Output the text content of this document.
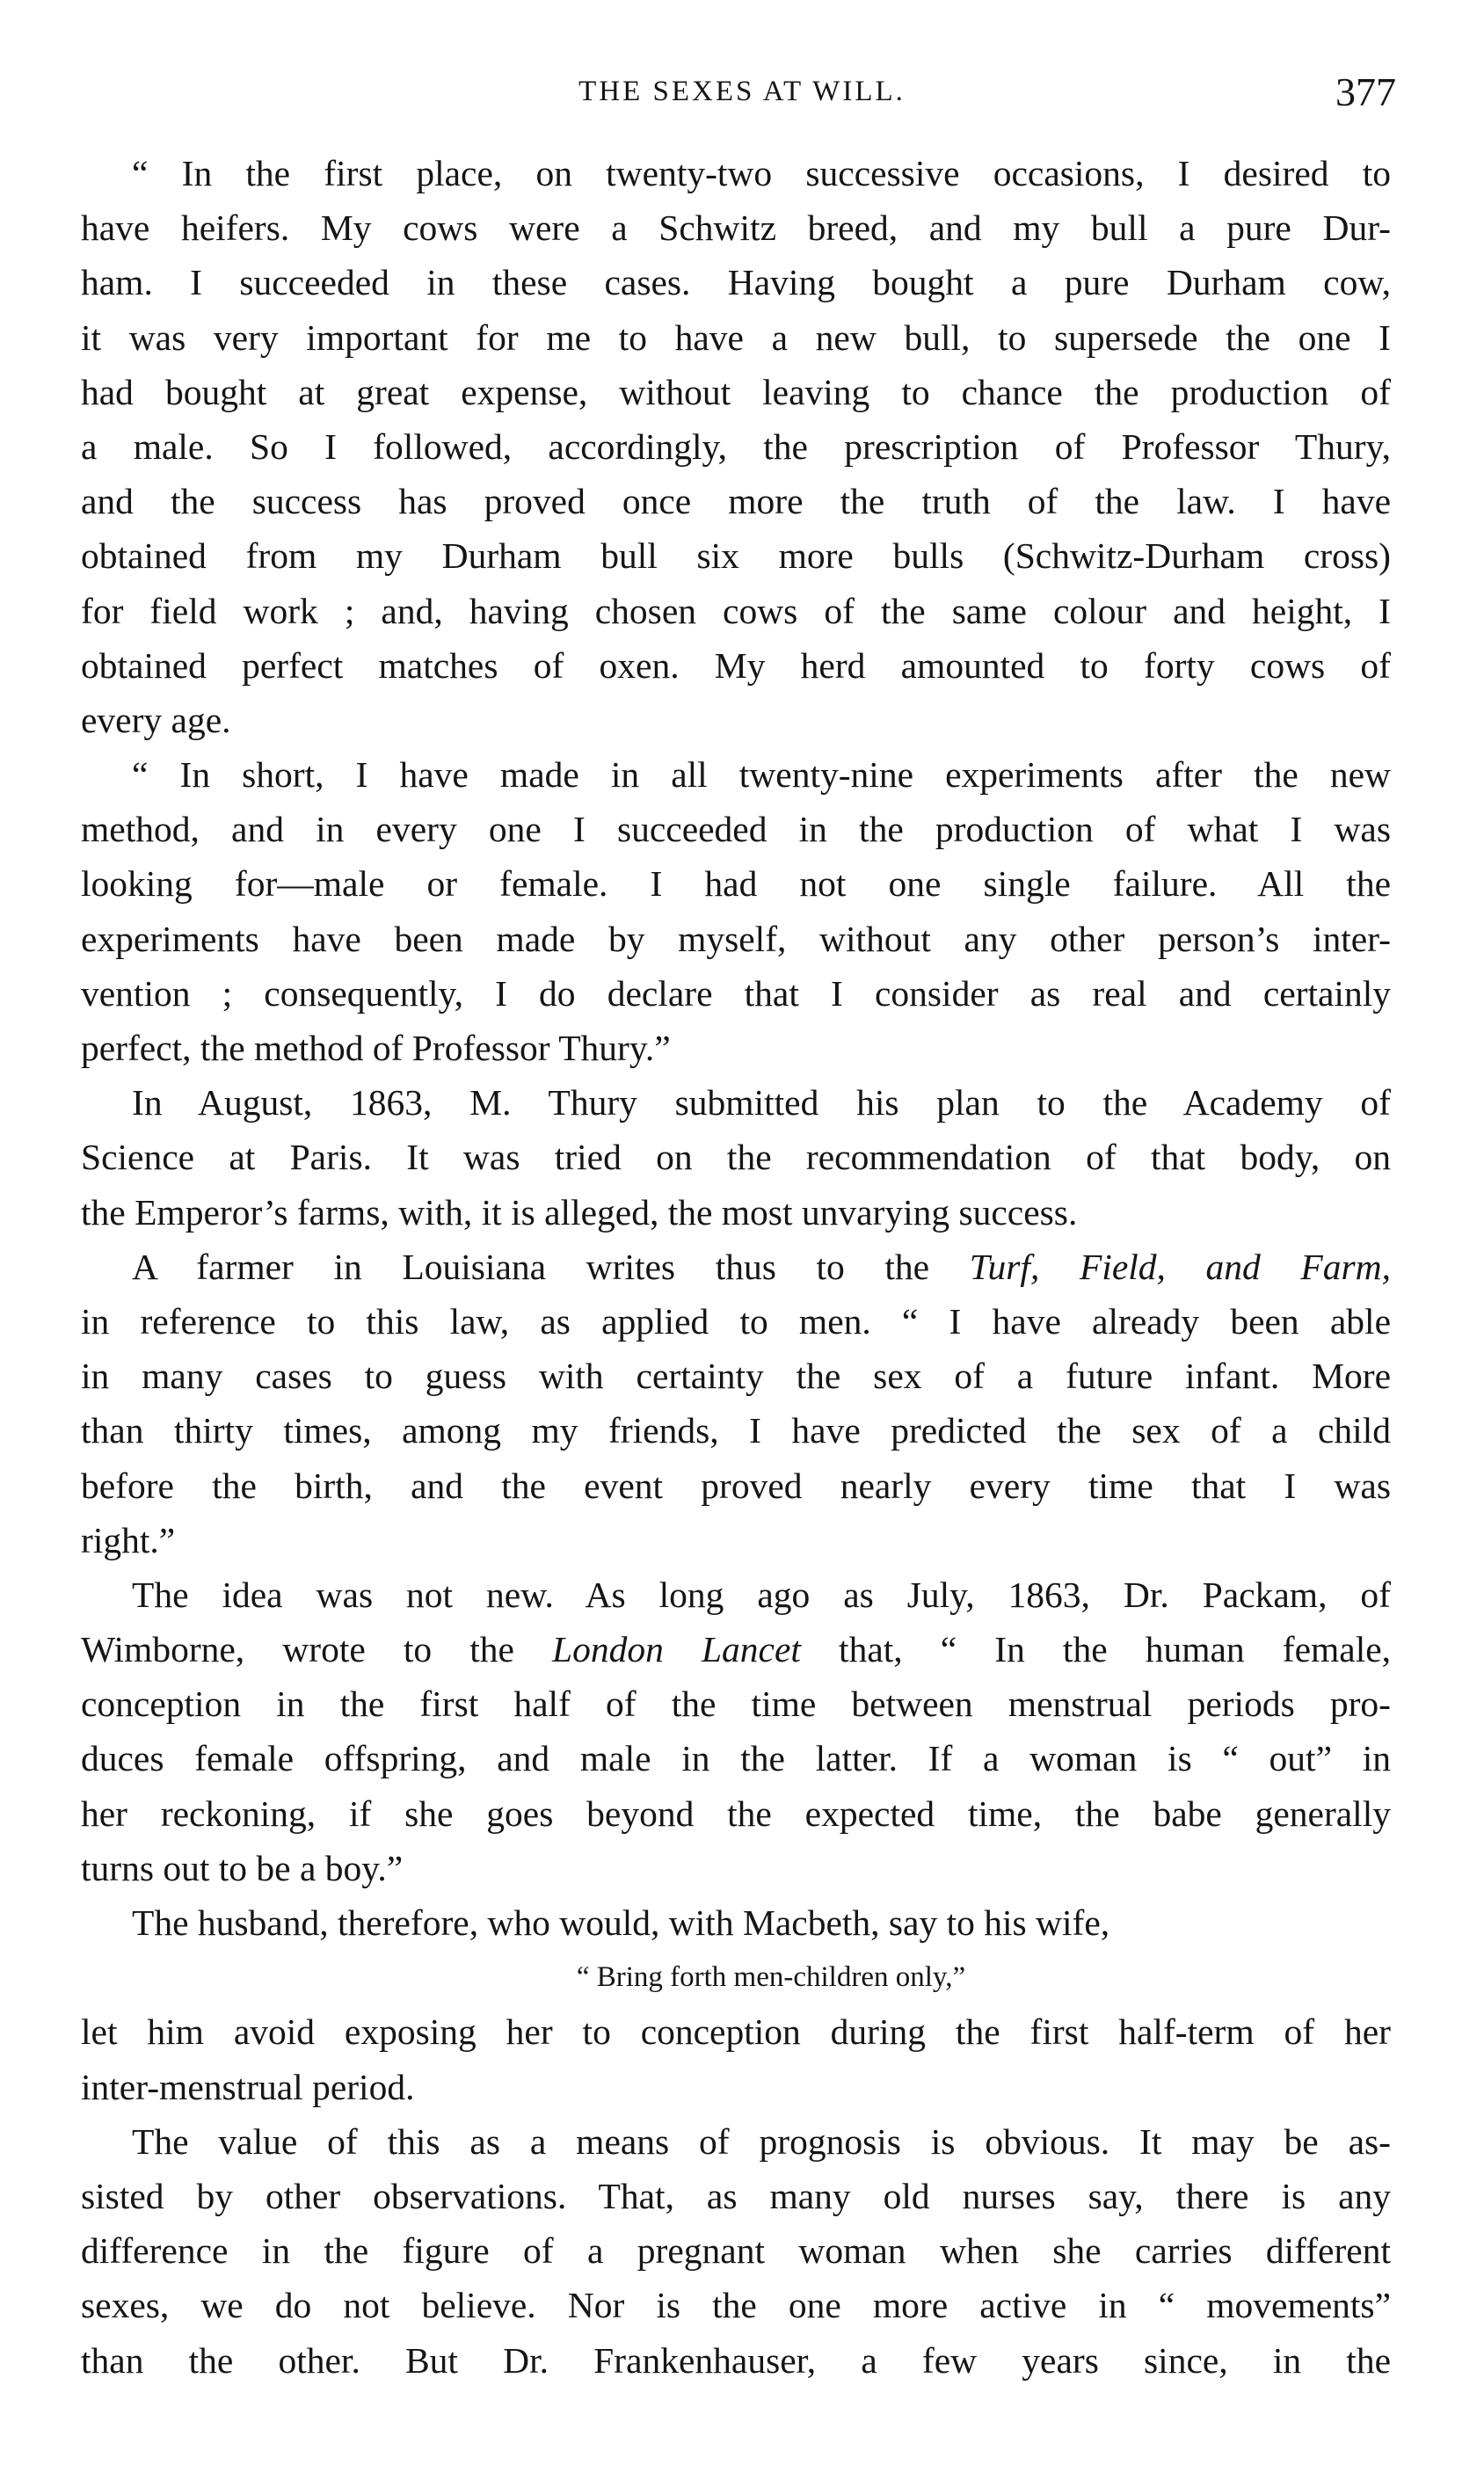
THE SEXES AT WILL.	377
“ In the first place, on twenty-two successive occasions, I desired to
have heifers. My cows were a Schwitz breed, and my bull a pure Dur-
ham. I succeeded in these cases. Having bought a pure Durham cow,
it was very important for me to have a new bull, to supersede the one I
had bought at great expense, without leaving to chance the production of
a male. So I followed, accordingly, the prescription of Professor Thury,
and the success has proved once more the truth of the law. I have
obtained from my Durham bull six more bulls (Schwitz-Durham cross)
for field work ; and, having chosen cows of the same colour and height, I
obtained perfect matches of oxen. My herd amounted to forty cows of
every age.
“ In short, I have made in all twenty-nine experiments after the new
method, and in every one I succeeded in the production of what I was
looking for—male or female. I had not one single failure. All the
experiments have been made by myself, without any other person’s inter-
vention ; consequently, I do declare that I consider as real and certainly
perfect, the method of Professor Thury.”
In August, 1863, M. Thury submitted his plan to the Academy of
Science at Paris. It was tried on the recommendation of that body, on
the Emperor’s farms, with, it is alleged, the most unvarying success.
A farmer in Louisiana writes thus to the Turf, Field, and Farm,
in reference to this law, as applied to men. “ I have already been able
in many cases to guess with certainty the sex of a future infant. More
than thirty times, among my friends, I have predicted the sex of a child
before the birth, and the event proved nearly every time that I was
right.”
The idea was not new. As long ago as July, 1863, Dr. Packam, of
Wimborne, wrote to the London Lancet that, “ In the human female,
conception in the first half of the time between menstrual periods pro-
duces female offspring, and male in the latter. If a woman is “ out” in
her reckoning, if she goes beyond the expected time, the babe generally
turns out to be a boy.”
The husband, therefore, who would, with Macbeth, say to his wife,
“ Bring forth men-children only,”
let him avoid exposing her to conception during the first half-term of her
inter-menstrual period.
The value of this as a means of prognosis is obvious. It may be as-
sisted by other observations. That, as many old nurses say, there is any
difference in the figure of a pregnant woman when she carries different
sexes, we do not believe. Nor is the one more active in “ movements”
than the other. But Dr. Frankenhauser, a few years since, in the
